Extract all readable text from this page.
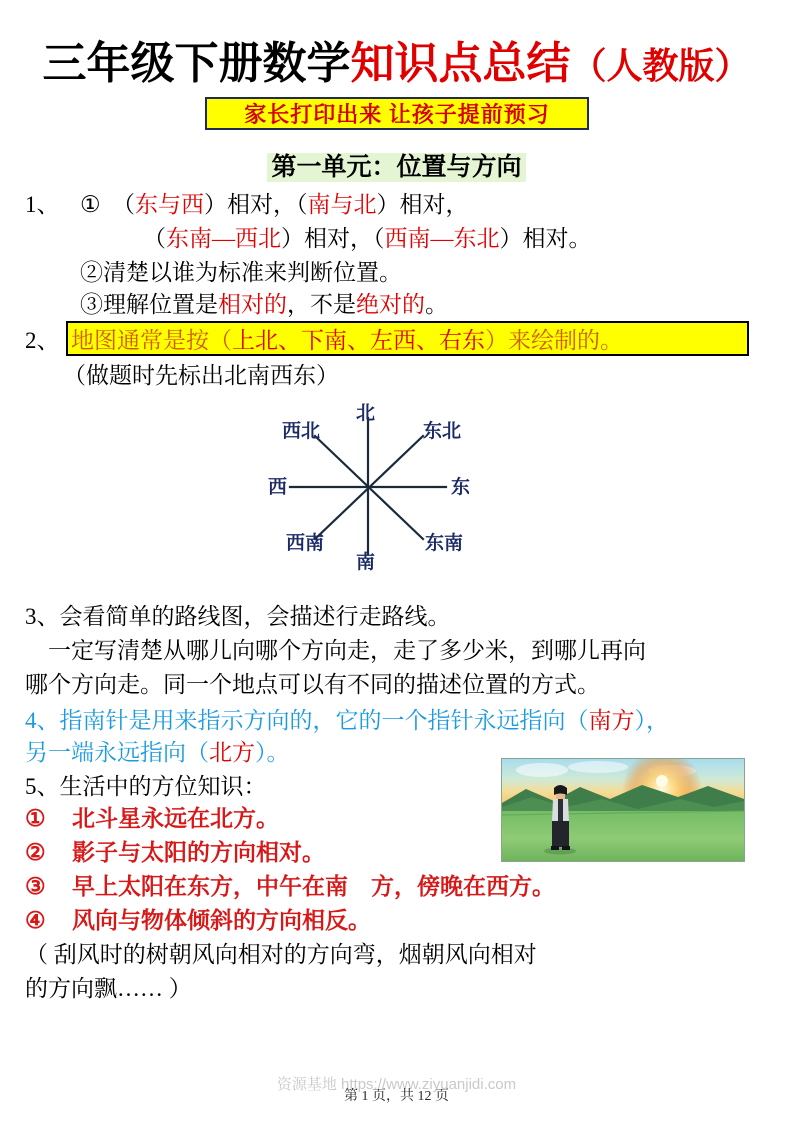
三年级下册数学知识点总结（人教版）
家长打印出来 让孩子提前预习
第一单元：位置与方向
1、 ① （东与西）相对，（南与北）相对，
（东南—西北）相对，（西南—东北）相对。
②清楚以谁为标准来判断位置。
③理解位置是相对的，不是绝对的。
2、 地图通常是按（ 上北、下南、左西、右东 ）来绘制的。
（做题时先标出北南西东）
北
南
东
西
东北
西北
东南
西南
3、会看简单的路线图，会描述行走路线。
一定写清楚从哪儿向哪个方向走，走了多少米，到哪儿再向
哪个方向走。同一个地点可以有不同的描述位置的方式。
4、指南针是用来指示方向的，它的一个指针永远指向（南方），
另一端永远指向（北方）。
5、生活中的方位知识：
① 北斗星永远在北方。
② 影子与太阳的方向相对。
③ 早上太阳在东方，中午在南　方，傍晚在西方。
④ 风向与物体倾斜的方向相反。
（ 刮风时的树朝风向相对的方向弯，烟朝风向相对
的方向飘…… ）
资源基地 https://www.ziyuanjidi.com
第 1 页，共 12 页
